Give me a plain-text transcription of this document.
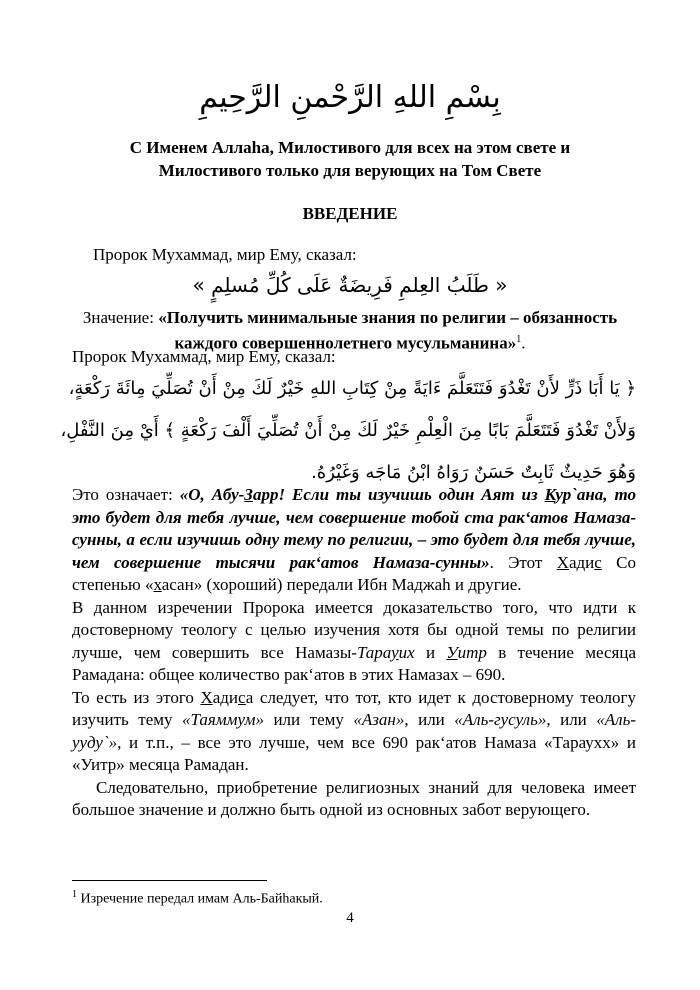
بِسْمِ اللهِ الرَّحْمنِ الرَّحِيمِ
С Именем Аллаhа, Милостивого для всех на этом свете и
Милостивого только для верующих на Том Свете
ВВЕДЕНИЕ
Пророк Мухаммад, мир Ему, сказал:
« طَلَبُ العِلمِ فَرِيضَةٌ عَلَى كُلِّ مُسلِمٍ »
Значение: «Получить минимальные знания по религии – обязанность каждого совершеннолетнего мусульманина»$^1$.
Пророк Мухаммад, мир Ему, сказал:
﴿ يَا أَبَا ذَرٍّ لأَنْ تَغْدُوَ فَتَتَعَلَّمَ ءَايَةً مِنْ كِتَابِ اللهِ خَيْرٌ لَكَ مِنْ أَنْ تُصَلِّيَ مِائَةَ رَكْعَةٍ،
وَلأَنْ تَغْدُوَ فَتَتَعَلَّمَ بَابًا مِنَ الْعِلْمِ خَيْرٌ لَكَ مِنْ أَنْ تُصَلِّيَ أَلْفَ رَكْعَةٍ ﴾ أَيْ مِنَ النَّفْلِ،
وَهُوَ حَدِيثٌ ثَابِتٌ حَسَنٌ رَوَاهُ ابْنُ مَاجَه وَغَيْرُهُ.

Это означает: «О, Абу-Зарр! Если ты изучишь один Аят из Кур`ана, то это будет для тебя лучше, чем совершение тобой ста рак‘атов Намаза-сунны, а если изучишь одну тему по религии, – это будет для тебя лучше, чем совершение тысячи рак‘атов Намаза-сунны». Этот Хадис Со степенью «хасан» (хороший) передали Ибн Маджаh и другие.

В данном изречении Пророка имеется доказательство того, что идти к достоверному теологу с целью изучения хотя бы одной темы по религии лучше, чем совершить все Намазы-Тарауих и Уитр в течение месяца Рамадана: общее количество рак‘атов в этих Намазах – 690.

То есть из этого Хадиса следует, что тот, кто идет к достоверному теологу изучить тему «Таяммум» или тему «Азан», или «Аль-гусуль», или «Аль-ууду`», и т.п., – все это лучше, чем все 690 рак‘атов Намаза «Тараухх» и «Уитр» месяца Рамадан.

Следовательно, приобретение религиозных знаний для человека имеет большое значение и должно быть одной из основных забот верующего.

$^1$ Изречение передал имам Аль-Байhакый.
4
